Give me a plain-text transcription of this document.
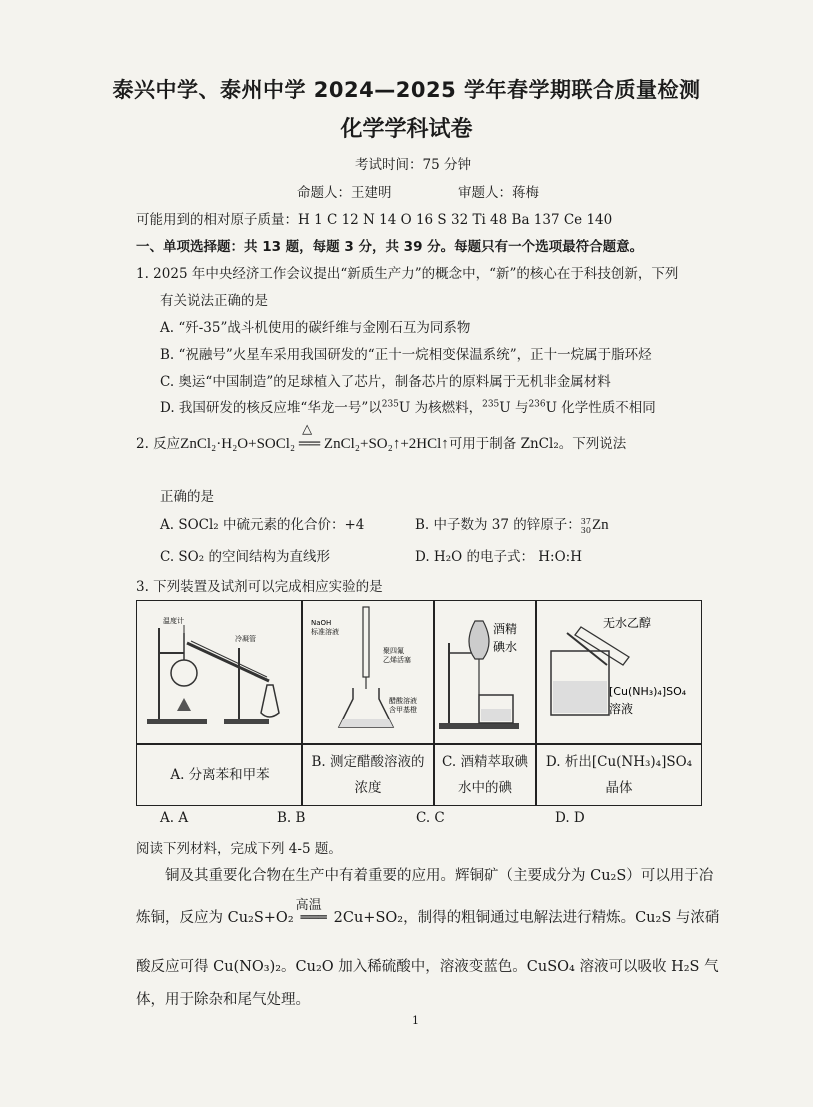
泰兴中学、泰州中学 2024—2025 学年春学期联合质量检测
化学学科试卷
考试时间：75 分钟
命题人：王建明	审题人：蒋梅
可能用到的相对原子质量：H 1 C 12 N 14 O 16 S 32 Ti 48 Ba 137 Ce 140
一、单项选择题：共 13 题，每题 3 分，共 39 分。每题只有一个选项最符合题意。
1. 2025 年中央经济工作会议提出“新质生产力”的概念中，“新”的核心在于科技创新，下列
有关说法正确的是
A. “歼-35”战斗机使用的碳纤维与金刚石互为同系物
B. “祝融号”火星车采用我国研发的“正十一烷相变保温系统”，正十一烷属于脂环烃
C. 奥运“中国制造”的足球植入了芯片，制备芯片的原料属于无机非金属材料
D. 我国研发的核反应堆“华龙一号”以$^{235}$U 为核燃料，$^{235}$U 与$^{236}$U 化学性质不相同
2. 反应ZnCl₂·H₂O+SOCl₂ ══ ZnCl₂+SO₂↑+2HCl↑
△
可用于制备 ZnCl₂。下列说法
正确的是
A. SOCl₂ 中硫元素的化合价：+4	B. 中子数为 37 的锌原子： 37
30 Zn
C. SO₂ 的空间结构为直线形	D. H₂O 的电子式： H:O:H
3. 下列装置及试剂可以完成相应实验的是
温度计
冷凝管
NaOH
标准溶液
聚四氟
乙烯活塞
醋酸溶液
含甲基橙
酒精
碘水
无水乙醇
[Cu(NH₃)₄]SO₄
溶液
A. 分离苯和甲苯
B. 测定醋酸溶液的浓度
C. 酒精萃取碘水中的碘
D. 析出[Cu(NH₃)₄]SO₄晶体
A. A	B. B	C. C	D. D
阅读下列材料，完成下列 4-5 题。
铜及其重要化合物在生产中有着重要的应用。辉铜矿（主要成分为 Cu₂S）可以用于冶
炼铜，反应为 Cu₂S+O₂
高温
═══ 2Cu+SO₂，制得的粗铜通过电解法进行精炼。Cu₂S 与浓硝
酸反应可得 Cu(NO₃)₂。Cu₂O 加入稀硫酸中，溶液变蓝色。CuSO₄ 溶液可以吸收 H₂S 气
体，用于除杂和尾气处理。
1
